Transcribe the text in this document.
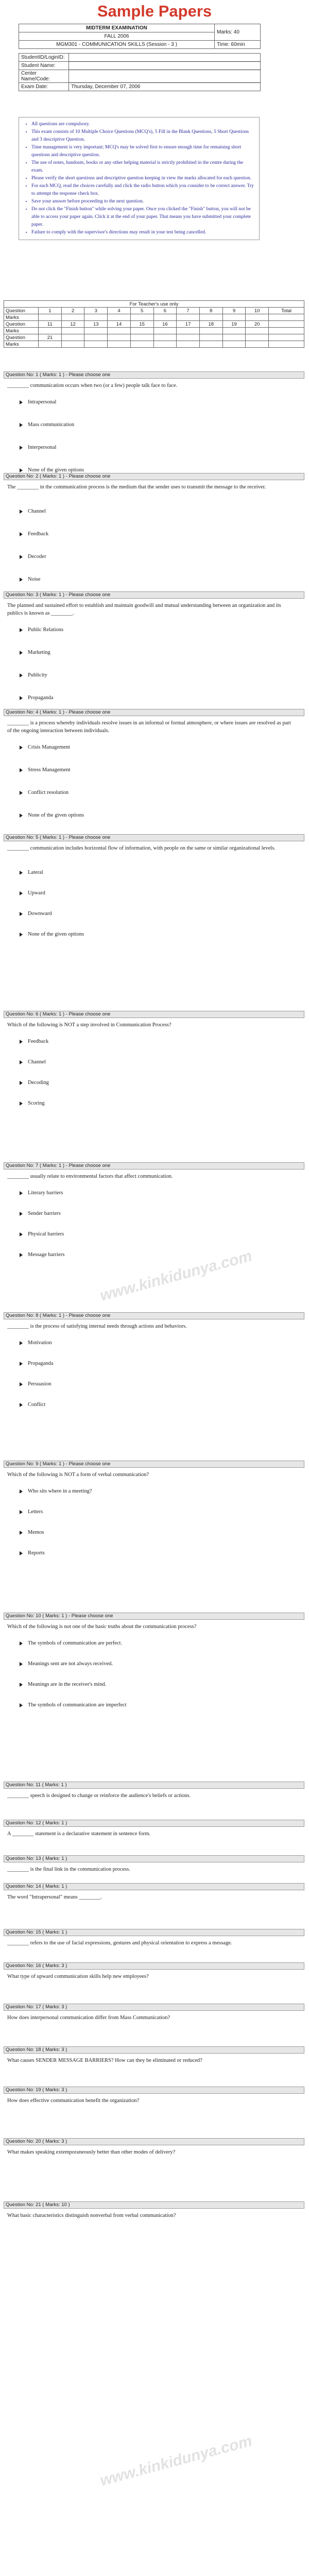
Sample Papers
MIDTERM EXAMINATION		Marks: 40
FALL 2006		
MGM301 - COMMUNICATION SKILLS (Session - 3 )		Time: 60min

StudentID/LoginID:		
Student Name:		
Center Name/Code:		
Exam Date:	Thursday, December 07, 2006	
• All questions are compulsory.
• This exam consists of 10 Multiple Choice Questions (MCQ's), 5 Fill in the Blank Questions, 5 Short Questions and 3 descriptive Question.
• Time management is very important; MCQ's may be solved first to ensure enough time for remaining short questions and descriptive question.
• The use of notes, handouts, books or any other helping material is strictly prohibited in the centre during the exam.
• Please verify the short questions and descriptive question keeping in view the marks allocated for each question.
• For each MCQ, read the choices carefully and click the radio button which you consider to be correct answer. Try to attempt the response check box.
• Save your answer before proceeding to the next question.
• Do not click the "Finish button" while solving your paper. Once you clicked the "Finish" button, you will not be able to access your paper again. Click it at the end of your paper. That means you have submitted your complete paper.
• Failure to comply with the supervisor's directions may result in your test being cancelled.
For Teacher's use only											
Question	1	2	3	4	5	6	7	8	9	10	Total
Marks											
Question	11	12	13	14	15	16	17	18	19	20	
Marks											
Question	21										
Marks											
Question No: 1 ( Marks: 1 ) - Please choose one
________ communication occurs when two (or a few) people talk face to face.
Intrapersonal
Mass communication
Interpersonal
None of the given options
Question No: 2 ( Marks: 1 ) - Please choose one
The ________ in the communication process is the medium that the sender uses to transmit the message to the receiver.
Channel
Feedback
Decoder
Noise
Question No: 3 ( Marks: 1 ) - Please choose one
The planned and sustained effort to establish and maintain goodwill and mutual understanding between an organization and its publics is known as ________.
Public Relations
Marketing
Publicity
Propaganda
Question No: 4 ( Marks: 1 ) - Please choose one
________ is a process whereby individuals resolve issues in an informal or formal atmosphere, or where issues are resolved as part of the ongoing interaction between individuals.
Crisis Management
Stress Management
Conflict resolution
None of the given options
Question No: 5 ( Marks: 1 ) - Please choose one
________ communication includes horizontal flow of information, with people on the same or similar organizational levels.
Lateral
Upward
Downward
None of the given options
Question No: 6 ( Marks: 1 ) - Please choose one
Which of the following is NOT a step involved in Communication Process?
Feedback
Channel
Decoding
Scoring
Question No: 7 ( Marks: 1 ) - Please choose one
________ usually relate to environmental factors that affect communication.
Literary barriers
Sender barriers
Physical barriers
Message barriers
Question No: 8 ( Marks: 1 ) - Please choose one
________ is the process of satisfying internal needs through actions and behaviors.
Motivation
Propaganda
Persuasion
Conflict
Question No: 9 ( Marks: 1 ) - Please choose one
Which of the following is NOT a form of verbal communication?
Who sits where in a meeting?
Letters
Memos
Reports
Question No: 10 ( Marks: 1 ) - Please choose one
Which of the following is not one of the basic truths about the communication process?
The symbols of communication are perfect.
Meanings sent are not always received.
Meanings are in the receiver's mind.
The symbols of communication are imperfect
Question No: 11 ( Marks: 1 )
________ speech is designed to change or reinforce the audience's beliefs or actions.
Question No: 12 ( Marks: 1 )
A ________ statement is a declarative statement in sentence form.
Question No: 13 ( Marks: 1 )
________ is the final link in the communication process.
Question No: 14 ( Marks: 1 )
The word "Intrapersonal" means ________.
Question No: 15 ( Marks: 1 )
________ refers to the use of facial expressions, gestures and physical orientation to express a message.
Question No: 16 ( Marks: 3 )
What type of upward communication skills help new employees?
Question No: 17 ( Marks: 3 )
How does interpersonal communication differ from Mass Communication?
Question No: 18 ( Marks: 3 )
What causes SENDER MESSAGE BARRIERS? How can they be eliminated or reduced?
Question No: 19 ( Marks: 3 )
How does effective communication benefit the organization?
Question No: 20 ( Marks: 3 )
What makes speaking extemporaneously better than other modes of delivery?
Question No: 21 ( Marks: 10 )
What basic characteristics distinguish nonverbal from verbal communication?
www.kinkidunya.com
www.kinkidunya.com
